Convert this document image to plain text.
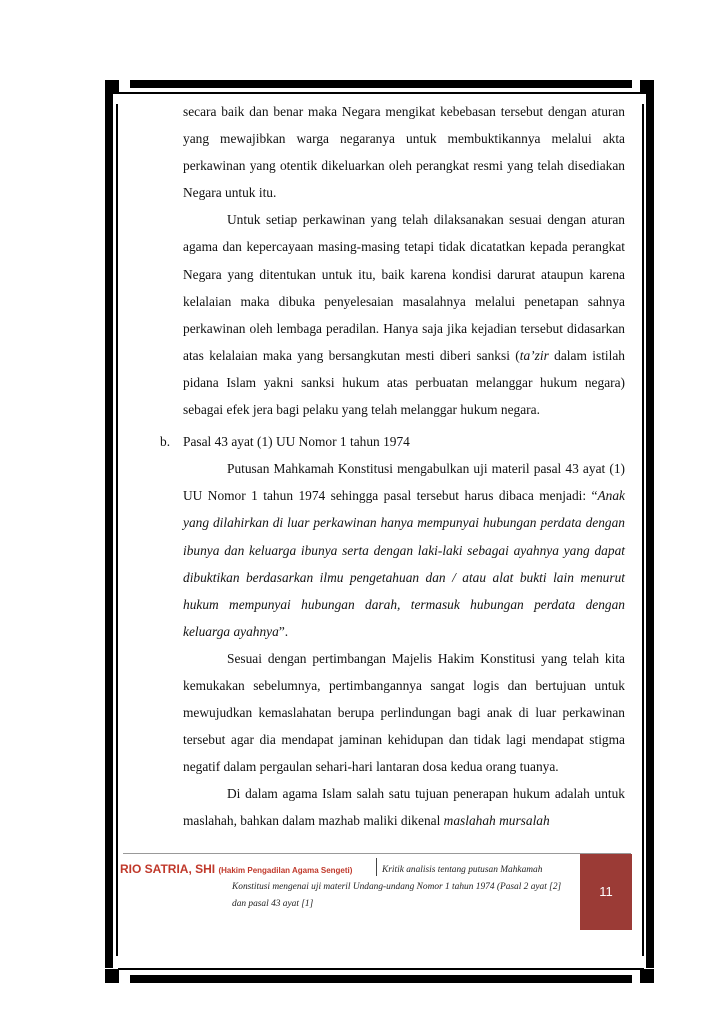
secara baik dan benar maka Negara mengikat kebebasan tersebut dengan aturan yang mewajibkan warga negaranya untuk membuktikannya melalui akta perkawinan yang otentik dikeluarkan oleh perangkat resmi yang telah disediakan Negara untuk itu.

Untuk setiap perkawinan yang telah dilaksanakan sesuai dengan aturan agama dan kepercayaan masing-masing tetapi tidak dicatatkan kepada perangkat Negara yang ditentukan untuk itu, baik karena kondisi darurat ataupun karena kelalaian maka dibuka penyelesaian masalahnya melalui penetapan sahnya perkawinan oleh lembaga peradilan. Hanya saja jika kejadian tersebut didasarkan atas kelalaian maka yang bersangkutan mesti diberi sanksi (ta’zir dalam istilah pidana Islam yakni sanksi hukum atas perbuatan melanggar hukum negara) sebagai efek jera bagi pelaku yang telah melanggar hukum negara.

b. Pasal 43 ayat (1) UU Nomor 1 tahun 1974

Putusan Mahkamah Konstitusi mengabulkan uji materil pasal 43 ayat (1) UU Nomor 1 tahun 1974 sehingga pasal tersebut harus dibaca menjadi: “Anak yang dilahirkan di luar perkawinan hanya mempunyai hubungan perdata dengan ibunya dan keluarga ibunya serta dengan laki-laki sebagai ayahnya yang dapat dibuktikan berdasarkan ilmu pengetahuan dan / atau alat bukti lain menurut hukum mempunyai hubungan darah, termasuk hubungan perdata dengan keluarga ayahnya”.

Sesuai dengan pertimbangan Majelis Hakim Konstitusi yang telah kita kemukakan sebelumnya, pertimbangannya sangat logis dan bertujuan untuk mewujudkan kemaslahatan berupa perlindungan bagi anak di luar perkawinan tersebut agar dia mendapat jaminan kehidupan dan tidak lagi mendapat stigma negatif dalam pergaulan sehari-hari lantaran dosa kedua orang tuanya.

Di dalam agama Islam salah satu tujuan penerapan hukum adalah untuk maslahah, bahkan dalam mazhab maliki dikenal maslahah mursalah

RIO SATRIA, SHI (Hakim Pengadilan Agama Sengeti)	Kritik analisis tentang putusan Mahkamah Konstitusi mengenai uji materil Undang-undang Nomor 1 tahun 1974 (Pasal 2 ayat [2] dan pasal 43 ayat [1]
11
